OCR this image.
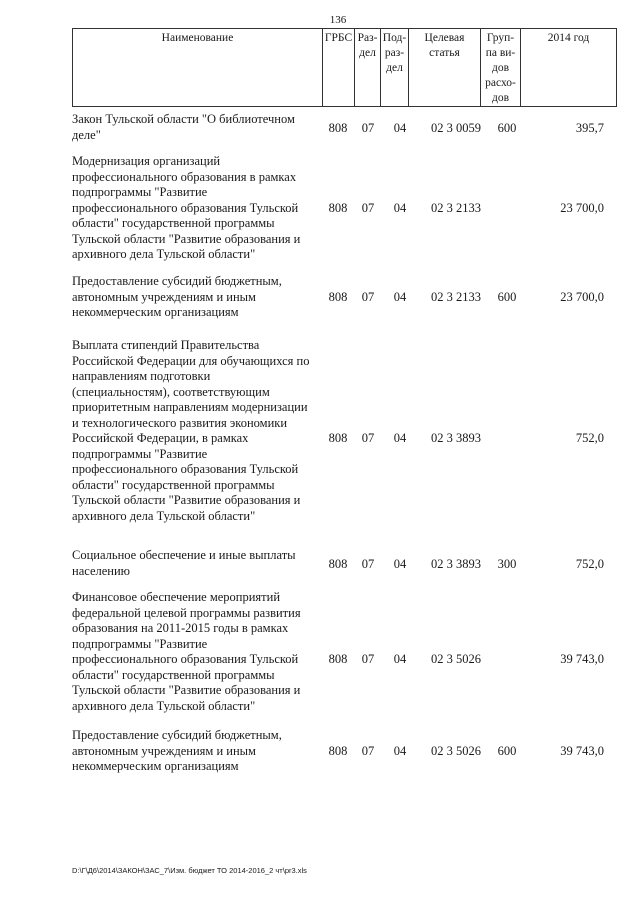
136
Наименование	ГРБС	Раз-
дел

Под-
раз-
дел

Целевая
статья

Груп-
па ви-
дов
расхо-
дов
	2014 год
Закон Тульской области "О библиотечном
деле"	808	07	04	02 3 0059	600	395,7
Модернизация организаций
профессионального образования в рамках
подпрограммы "Развитие
профессионального образования Тульской
области" государственной программы
Тульской области "Развитие образования и
архивного дела Тульской области"
808	07	04	02 3 2133	23 700,0
Предоставление субсидий бюджетным,
автономным учреждениям и иным
некоммерческим организациям
808	07	04	02 3 2133	600	23 700,0
Выплата стипендий Правительства
Российской Федерации для обучающихся по
направлениям подготовки
(специальностям), соответствующим
приоритетным направлениям модернизации
и технологического развития экономики
Российской Федерации, в рамках
подпрограммы "Развитие
профессионального образования Тульской
области" государственной программы
Тульской области "Развитие образования и
архивного дела Тульской области"
808	07	04	02 3 3893	752,0
Социальное обеспечение и иные выплаты
населению	808	07	04	02 3 3893	300	752,0
Финансовое обеспечение мероприятий
федеральной целевой программы развития
образования на 2011-2015 годы в рамках
подпрограммы "Развитие
профессионального образования Тульской
области" государственной программы
Тульской области "Развитие образования и
архивного дела Тульской области"
808	07	04	02 3 5026	39 743,0
Предоставление субсидий бюджетным,
автономным учреждениям и иным
некоммерческим организациям
808	07	04	02 3 5026	600	39 743,0
D:\Г\Д6\2014\ЗАКОН\ЗАС_7\Изм. бюджет ТО 2014-2016_2 чт\pr3.xls
